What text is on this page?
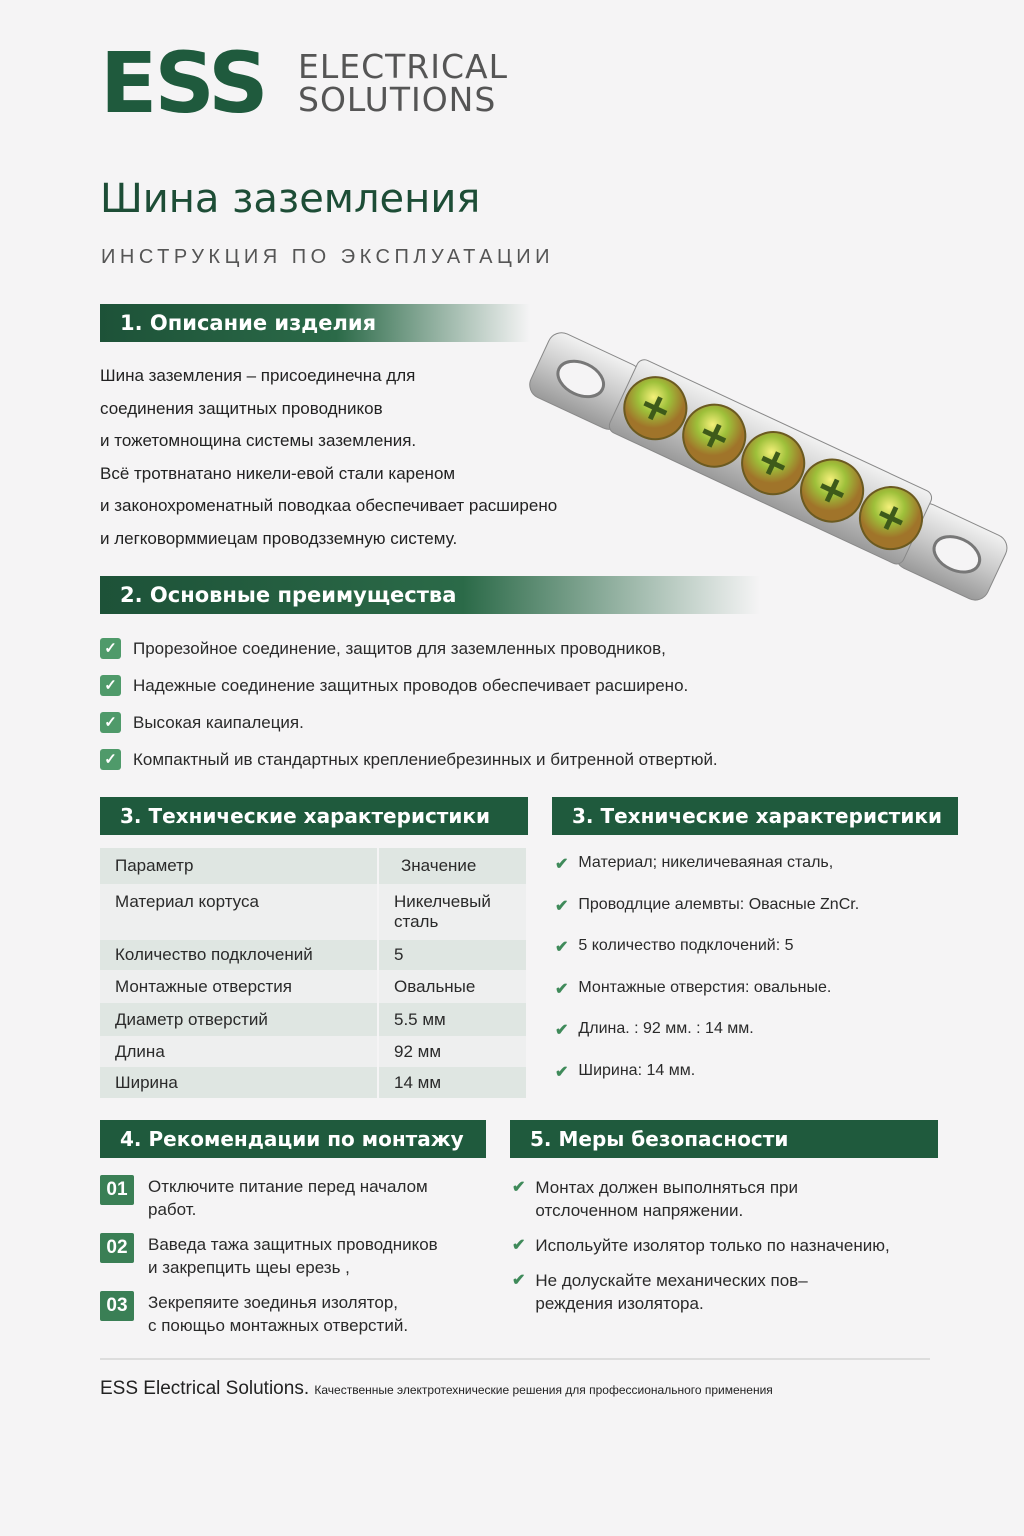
ESS ELECTRICAL
SOLUTIONS
Шина заземления
ИНСТРУКЦИЯ ПО ЭКСПЛУАТАЦИИ
1. Описание изделия
Шина заземления – присоединечна для
соединения защитных проводников
и тожетомнощина системы заземления.
Всё тротвнатано никели-евой стали кареном
и законохроменатный поводкаа обеспечивает расширено
и легковорммиецам проводзземную систему.
2. Основные преимущества
✓ Прорезойное соединение, защитов для заземленных проводников,
✓ Надежные соединение защитных проводов обеспечивает расширено.
✓ Высокая каипалеция.
✓ Компактный ив стандартных креплениебрезинных и битренной отвертюй.
3. Технические характеристики	3. Технические характеристики
Параметр	Значение
Материал кортуса	Никелчевый сталь
Количество подклочений	5
Монтажные отверстия	Овальные
Диаметр отверстий	5.5 мм
Длина	92 мм
Ширина	14 мм
✔ Материал; никеличеваяная сталь,
✔ Проводлцие алемвты: Овасные ZnCr.
✔ 5 количество подклочений: 5
✔ Монтажные отверстия: овальные.
✔ Длина. : 92 мм. : 14 мм.
✔ Ширина: 14 мм.
4. Рекомендации по монтажу	5. Меры безопасности
01	Отключите питание перед началом
работ.
02	Ваведа тажа защитных проводников
и закрепцить щеы ерезь ,
03	Зекрепяите зоединья изолятор,
с поющьо монтажных отверстий.
✔ Монтах должен выполняться при
отслоченном напряжении.
✔ Испольуйте изолятор только по назначению,
✔ Не долускайте механических пов–
реждения изолятора.
ESS Electrical Solutions. Качественные электротехнические решения для профессионального применения
